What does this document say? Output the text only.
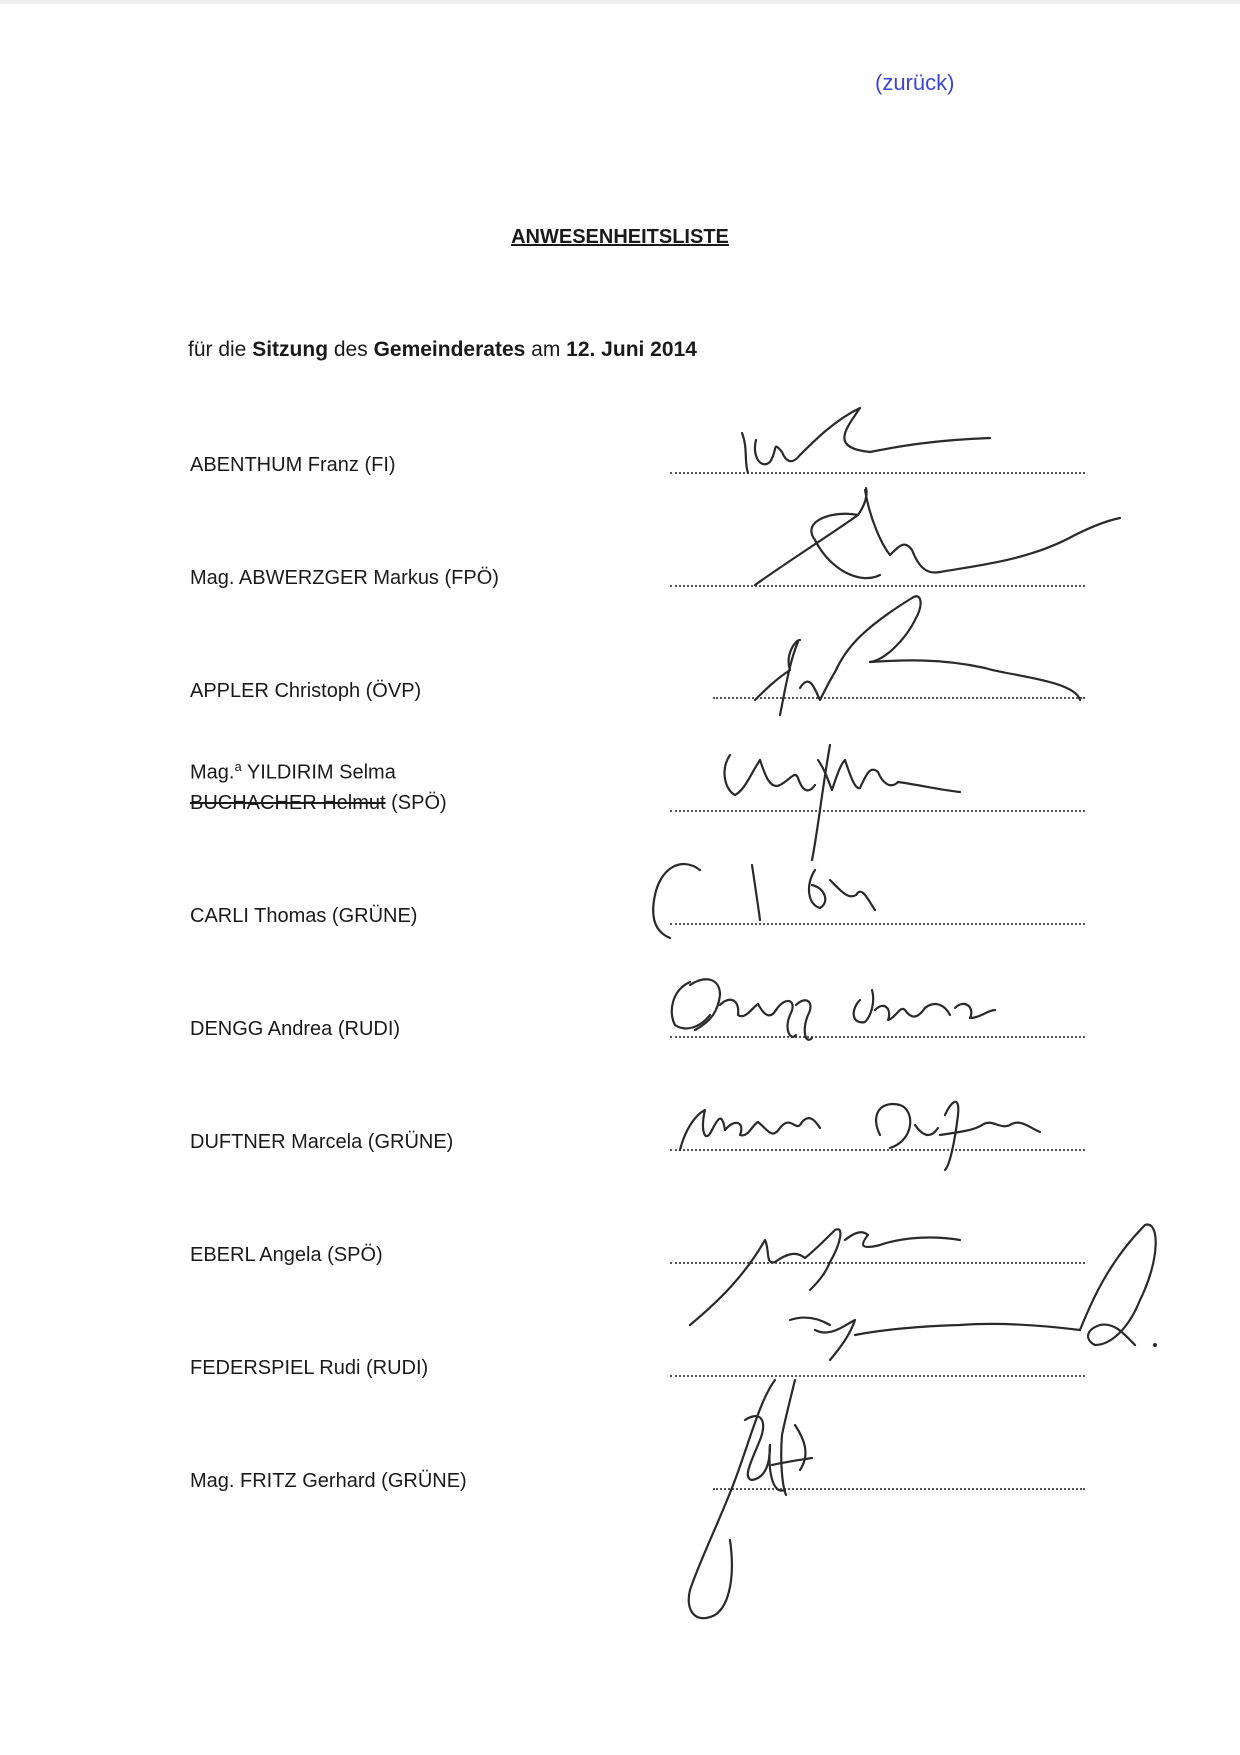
(zurück)
ANWESENHEITSLISTE

für die Sitzung des Gemeinderates am 12. Juni 2014

ABENTHUM Franz (FI)
Mag. ABWERZGER Markus (FPÖ)
APPLER Christoph (ÖVP)
Mag.$^a$ YILDIRIM Selma
BUCHACHER Helmut (SPÖ)
CARLI Thomas (GRÜNE)
DENGG Andrea (RUDI)
DUFTNER Marcela (GRÜNE)
EBERL Angela (SPÖ)
FEDERSPIEL Rudi (RUDI)
Mag. FRITZ Gerhard (GRÜNE)
